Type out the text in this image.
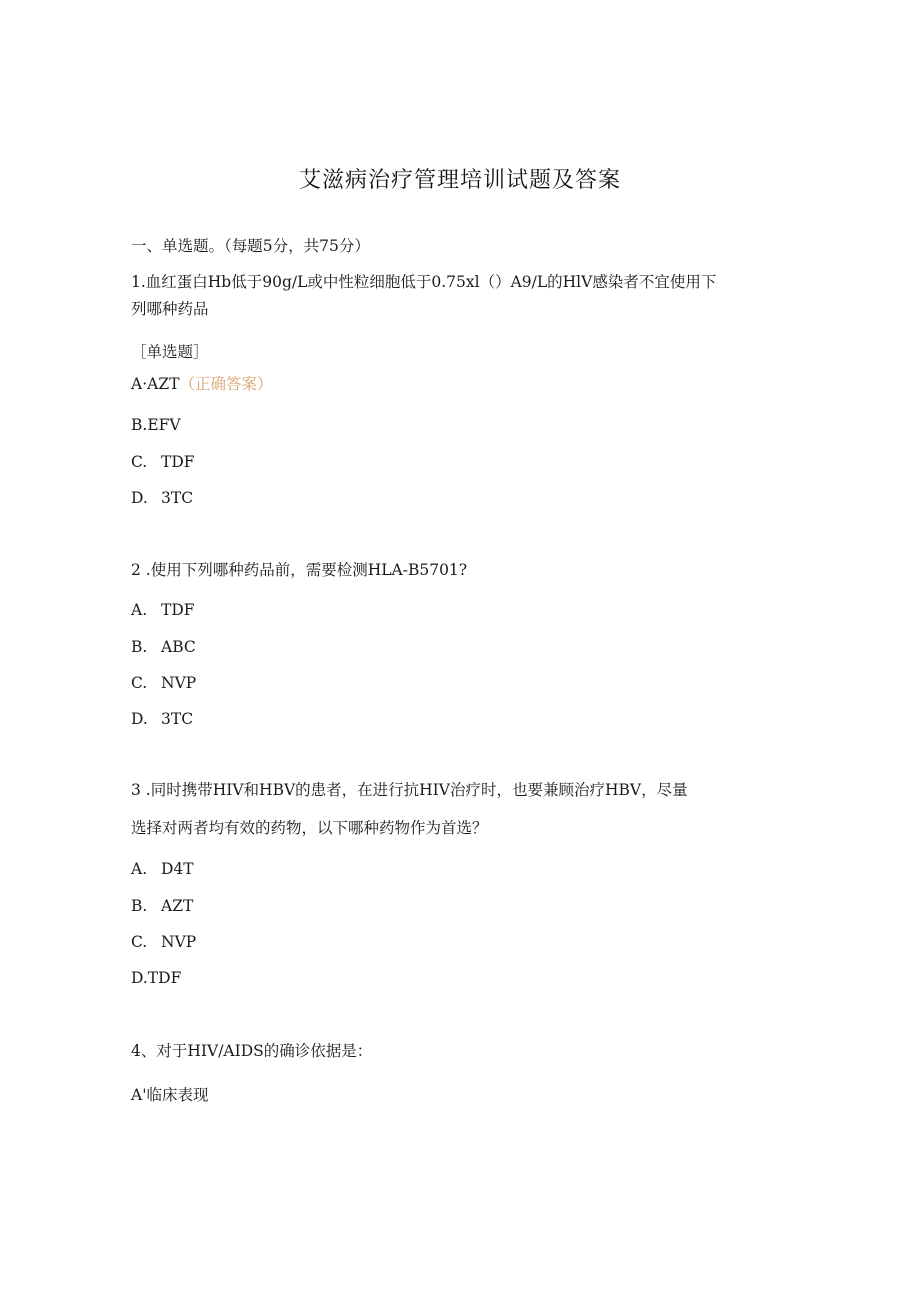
艾滋病治疗管理培训试题及答案
一、单选题。（每题5分，共75分）
1.血红蛋白Hb低于90g∕L或中性粒细胞低于0.75xl（）A9∕L的HlV感染者不宜使用下
列哪种药品
［单选题］
A·AZT（正确答案）
B.EFV
C. TDF
D. 3TC
2 .使用下列哪种药品前，需要检测HLA-B5701?
A. TDF
B. ABC
C. NVP
D. 3TC
3 .同时携带HIV和HBV的患者，在进行抗HIV治疗时，也要兼顾治疗HBV，尽量
选择对两者均有效的药物，以下哪种药物作为首选？
A. D4T
B. AZT
C. NVP
D.TDF
4、对于HIV/AIDS的确诊依据是：
A'临床表现
